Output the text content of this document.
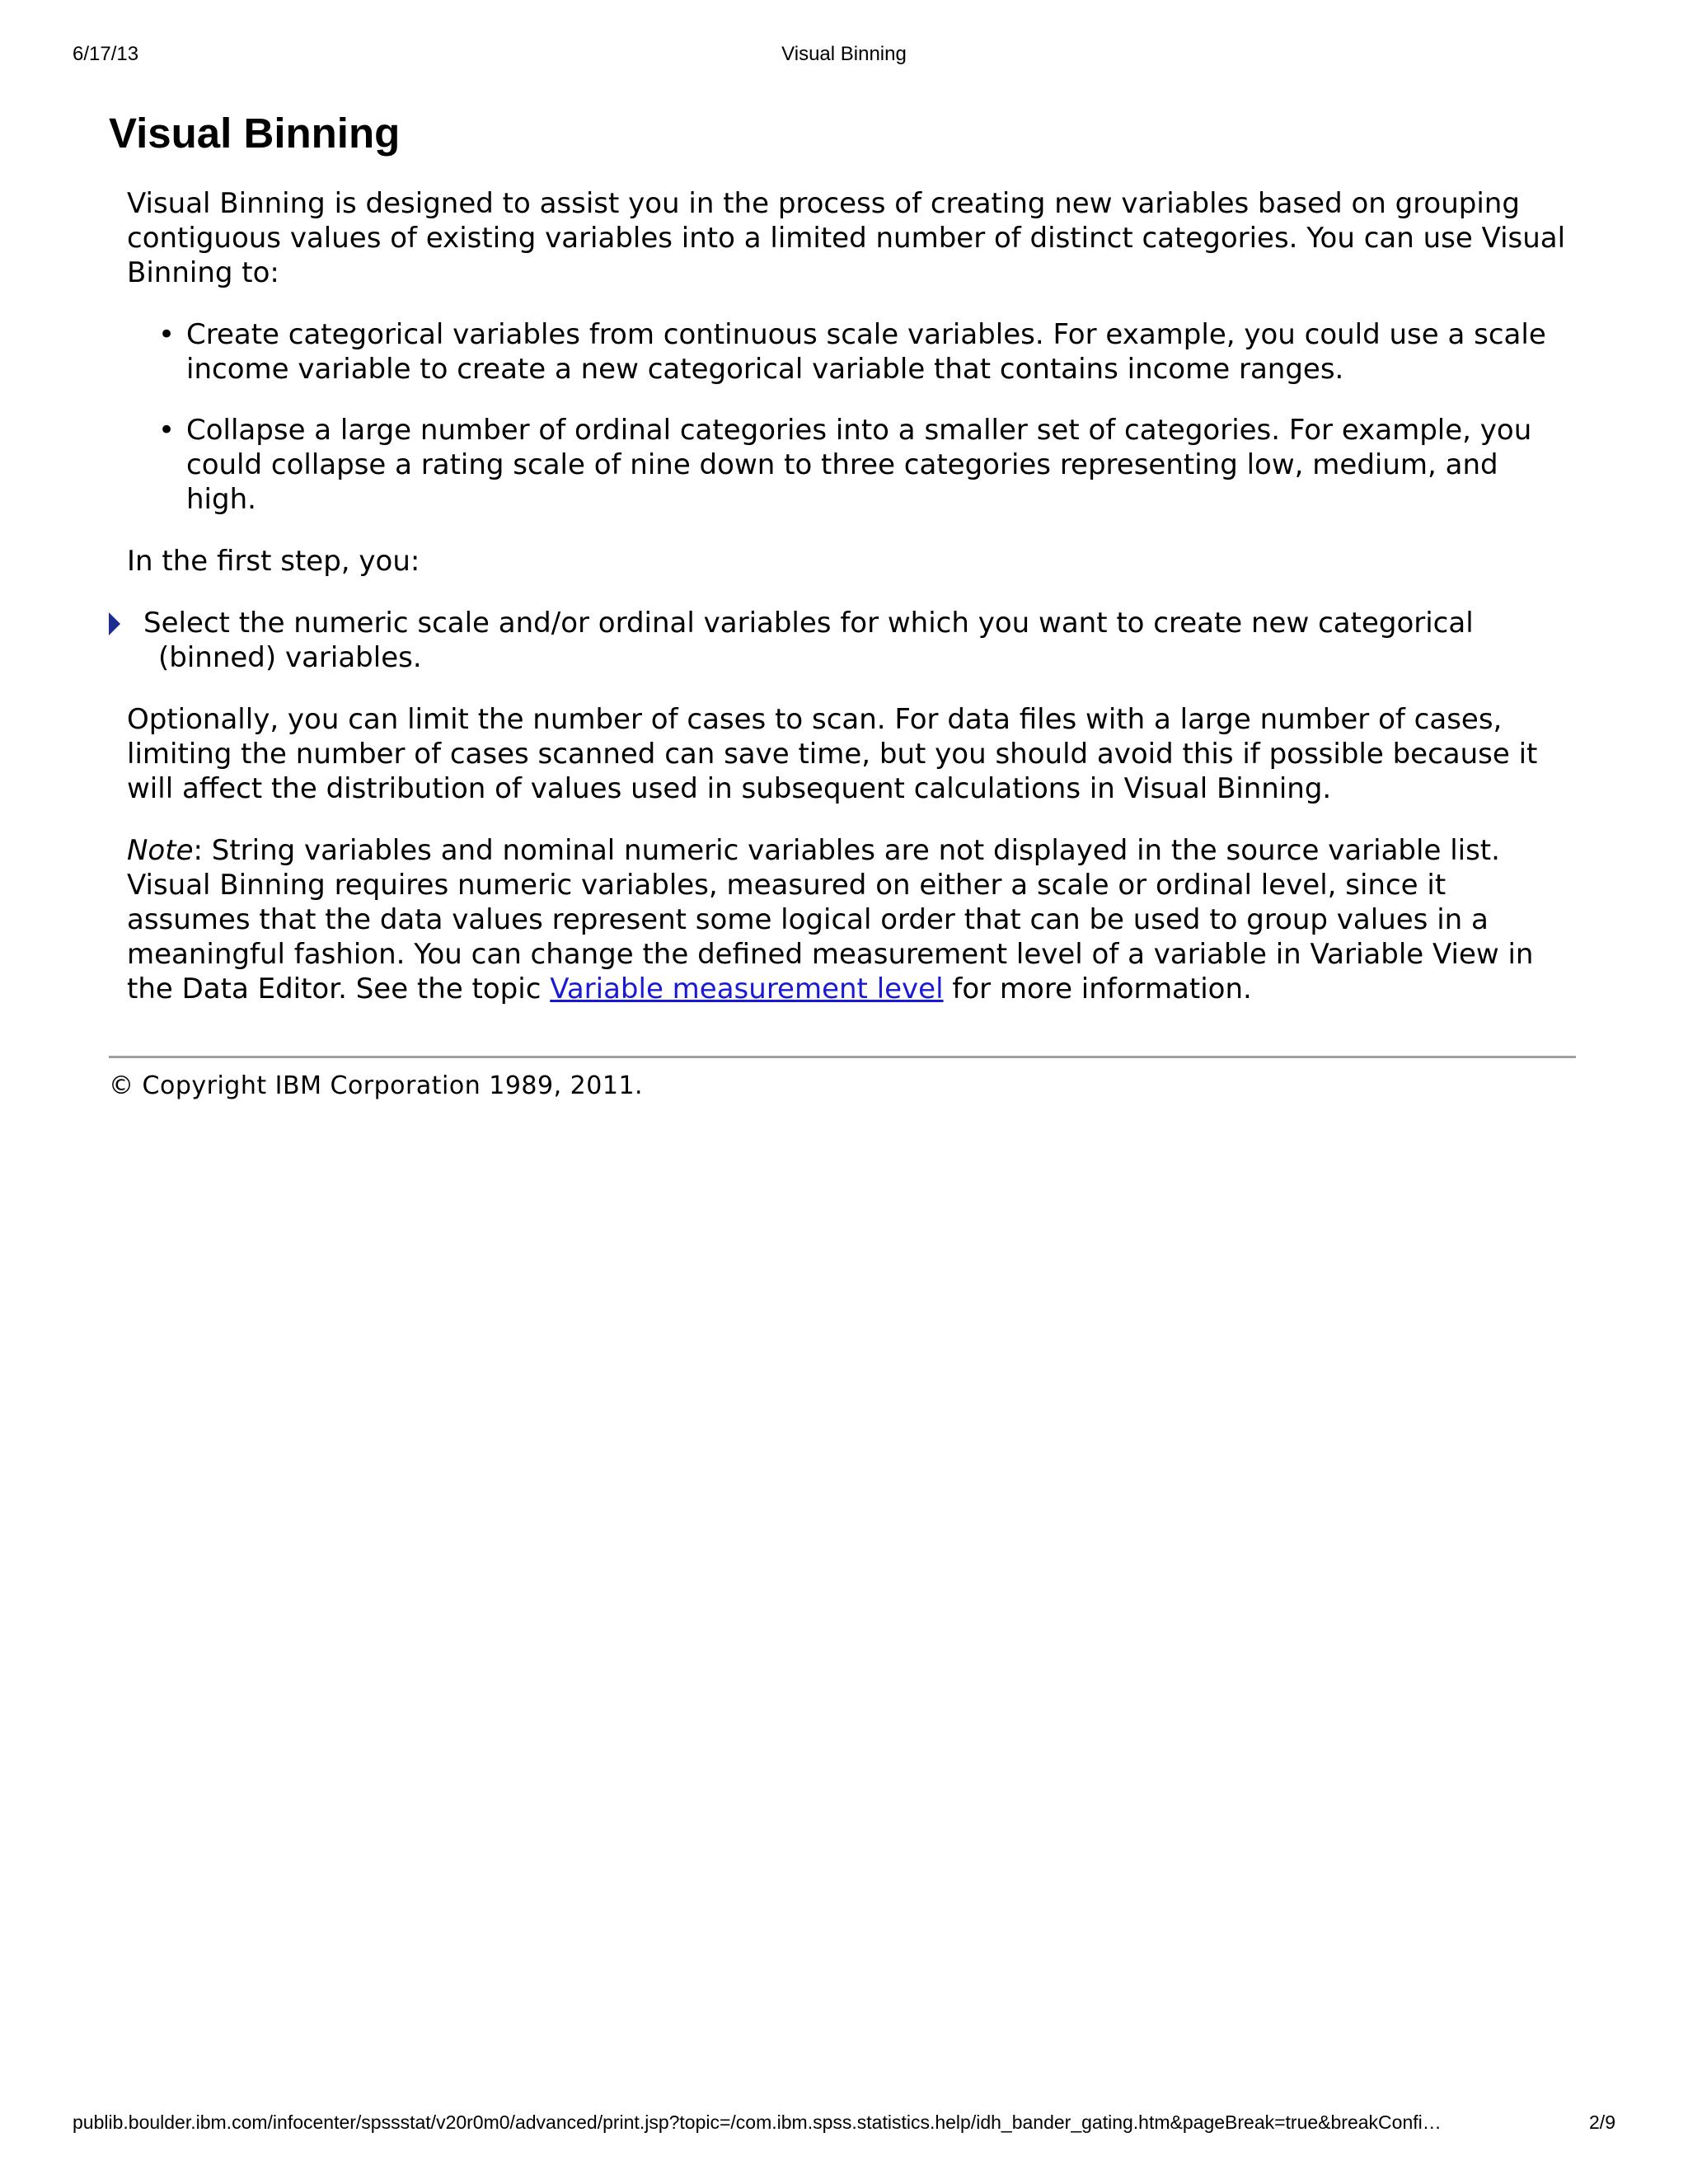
6/17/13	Visual Binning
Visual Binning

Visual Binning is designed to assist you in the process of creating new variables based on grouping contiguous values of existing variables into a limited number of distinct categories. You can use Visual Binning to:

• Create categorical variables from continuous scale variables. For example, you could use a scale income variable to create a new categorical variable that contains income ranges.
• Collapse a large number of ordinal categories into a smaller set of categories. For example, you could collapse a rating scale of nine down to three categories representing low, medium, and high.

In the first step, you:

Select the numeric scale and/or ordinal variables for which you want to create new categorical (binned) variables.

Optionally, you can limit the number of cases to scan. For data files with a large number of cases, limiting the number of cases scanned can save time, but you should avoid this if possible because it will affect the distribution of values used in subsequent calculations in Visual Binning.

Note: String variables and nominal numeric variables are not displayed in the source variable list. Visual Binning requires numeric variables, measured on either a scale or ordinal level, since it assumes that the data values represent some logical order that can be used to group values in a meaningful fashion. You can change the defined measurement level of a variable in Variable View in the Data Editor. See the topic Variable measurement level for more information.

© Copyright IBM Corporation 1989, 2011.
publib.boulder.ibm.com/infocenter/spssstat/v20r0m0/advanced/print.jsp?topic=/com.ibm.spss.statistics.help/idh_bander_gating.htm&pageBreak=true&breakConfi…	2/9
